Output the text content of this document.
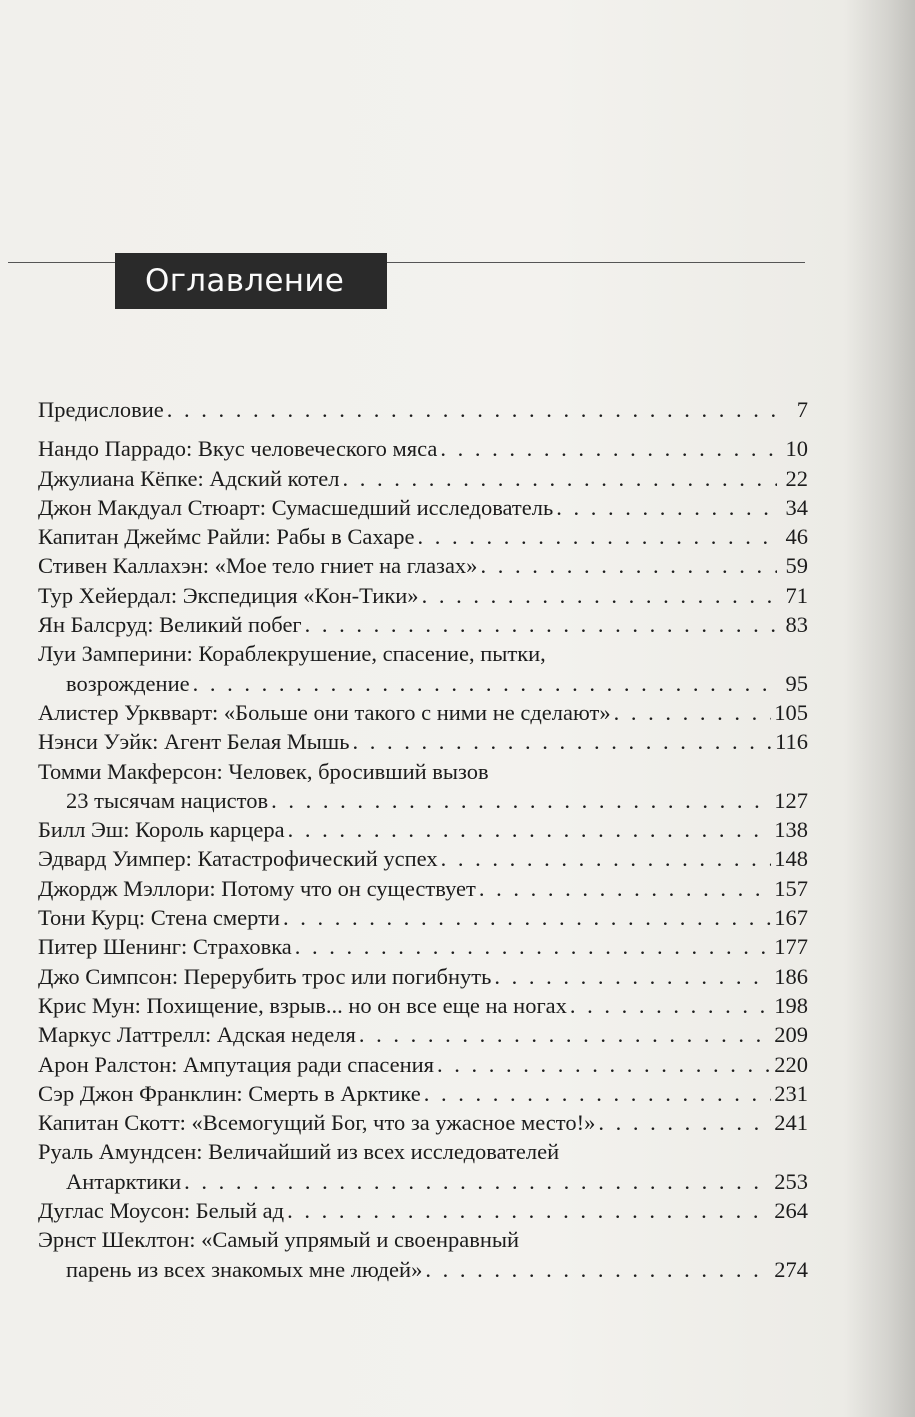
Оглавление
Предисловие . . .	7
Нандо Паррадо: Вкус человеческого мяса . . .	10
Джулиана Кёпке: Адский котел . . .	22
Джон Макдуал Стюарт: Сумасшедший исследователь . . .	34
Капитан Джеймс Райли: Рабы в Сахаре . . .	46
Стивен Каллахэн: «Мое тело гниет на глазах» . . .	59
Тур Хейердал: Экспедиция «Кон-Тики» . . .	71
Ян Балсруд: Великий побег . . .	83
Луи Замперини: Кораблекрушение, спасение, пытки,
возрождение . . .	95
Алистер Урквварт: «Больше они такого с ними не сделают» . . .	105
Нэнси Уэйк: Агент Белая Мышь . . .	116
Томми Макферсон: Человек, бросивший вызов
23 тысячам нацистов . . .	127
Билл Эш: Король карцера . . .	138
Эдвард Уимпер: Катастрофический успех . . .	148
Джордж Мэллори: Потому что он существует . . .	157
Тони Курц: Стена смерти . . .	167
Питер Шенинг: Страховка . . .	177
Джо Симпсон: Перерубить трос или погибнуть . . .	186
Крис Мун: Похищение, взрыв... но он все еще на ногах . . .	198
Маркус Латтрелл: Адская неделя . . .	209
Арон Ралстон: Ампутация ради спасения . . .	220
Сэр Джон Франклин: Смерть в Арктике . . .	231
Капитан Скотт: «Всемогущий Бог, что за ужасное место!» . . .	241
Руаль Амундсен: Величайший из всех исследователей
Антарктики . . .	253
Дуглас Моусон: Белый ад . . .	264
Эрнст Шеклтон: «Самый упрямый и своенравный
парень из всех знакомых мне людей» . . .	274
